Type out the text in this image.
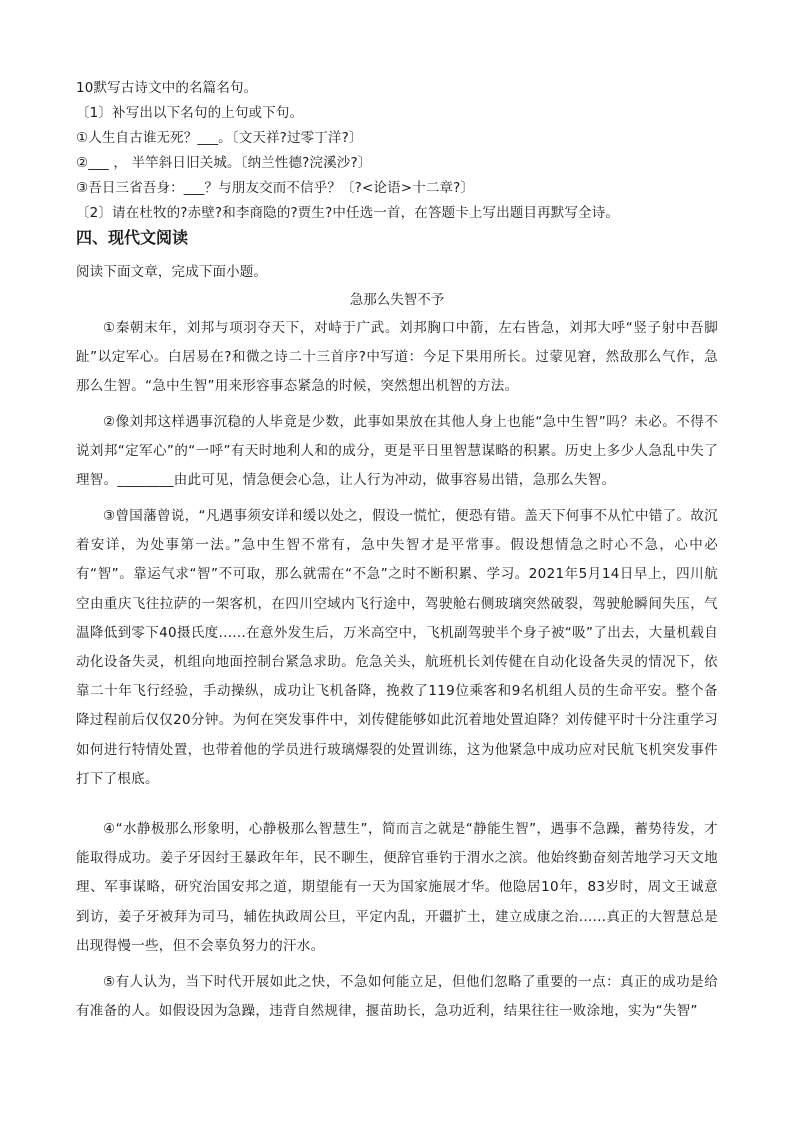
10默写古诗文中的名篇名句。
〔1〕补写出以下名句的上句或下句。
①人生自古谁无死？___。〔文天祥?过零丁洋?〕
②___ ， 半竿斜日旧关城。〔纳兰性德?浣溪沙?〕
③吾日三省吾身：___？与朋友交而不信乎？〔?<论语>十二章?〕
〔2〕请在杜牧的?赤壁?和李商隐的?贾生?中任选一首，在答题卡上写出题目再默写全诗。
四、现代文阅读
阅读下面文章，完成下面小题。
急那么失智不予

①秦朝末年，刘邦与项羽夺天下，对峙于广武。刘邦胸口中箭，左右皆急，刘邦大呼“竖子射中吾脚趾”以定军心。白居易在?和微之诗二十三首序?中写道：今足下果用所长。过蒙见窘，然敌那么气作，急那么生智。“急中生智”用来形容事态紧急的时候，突然想出机智的方法。

②像刘邦这样遇事沉稳的人毕竟是少数，此事如果放在其他人身上也能“急中生智”吗？未必。不得不说刘邦“定军心”的“一呼”有天时地利人和的成分，更是平日里智慧谋略的积累。历史上多少人急乱中失了理智。________由此可见，情急便会心急，让人行为冲动，做事容易出错，急那么失智。

③曾国藩曾说，“凡遇事须安详和缓以处之，假设一慌忙，便恐有错。盖天下何事不从忙中错了。故沉着安详，为处事第一法。”急中生智不常有，急中失智才是平常事。假设想情急之时心不急，心中必有“智”。靠运气求“智”不可取，那么就需在“不急”之时不断积累、学习。2021年5月14日早上，四川航空由重庆飞往拉萨的一架客机，在四川空域内飞行途中，驾驶舱右侧玻璃突然破裂，驾驶舱瞬间失压，气温降低到零下40摄氏度......在意外发生后，万米高空中，飞机副驾驶半个身子被“吸”了出去，大量机载自动化设备失灵，机组向地面控制台紧急求助。危急关头，航班机长刘传健在自动化设备失灵的情况下，依靠二十年飞行经验，手动操纵，成功让飞机备降，挽救了119位乘客和9名机组人员的生命平安。整个备降过程前后仅仅20分钟。为何在突发事件中，刘传健能够如此沉着地处置迫降？刘传健平时十分注重学习如何进行特情处置，也带着他的学员进行玻璃爆裂的处置训练，这为他紧急中成功应对民航飞机突发事件打下了根底。

④“水静极那么形象明，心静极那么智慧生”，简而言之就是“静能生智”，遇事不急躁，蓄势待发，才能取得成功。姜子牙因纣王暴政年年，民不聊生，便辞官垂钓于渭水之滨。他始终勤奋刻苦地学习天文地理、军事谋略，研究治国安邦之道，期望能有一天为国家施展才华。他隐居10年，83岁时，周文王诚意到访，姜子牙被拜为司马，辅佐执政周公旦，平定内乱，开疆扩土，建立成康之治......真正的大智慧总是出现得慢一些，但不会辜负努力的汗水。

⑤有人认为，当下时代开展如此之快，不急如何能立足，但他们忽略了重要的一点：真正的成功是给有准备的人。如假设因为急躁，违背自然规律，揠苗助长，急功近利，结果往往一败涂地，实为“失智”
